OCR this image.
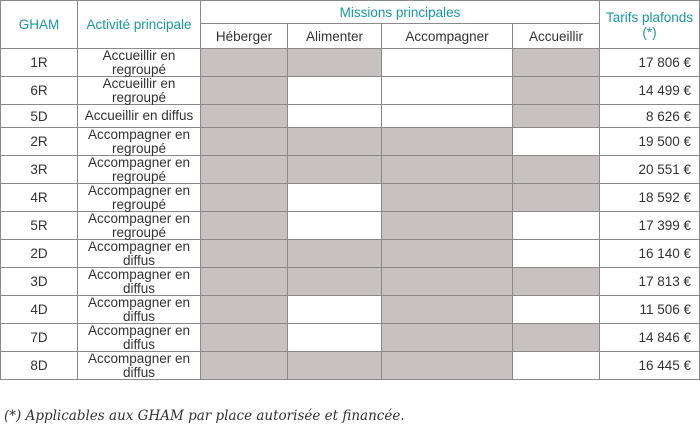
GHAM	Activité principale	Missions principales				Tarifs plafonds (*)
		Héberger	Alimenter	Accompagner	Accueillir	
1R	Accueillir en regroupé					17 806 €
6R	Accueillir en regroupé					14 499 €
5D	Accueillir en diffus					8 626 €
2R	Accompagner en regroupé					19 500 €
3R	Accompagner en regroupé					20 551 €
4R	Accompagner en regroupé					18 592 €
5R	Accompagner en regroupé					17 399 €
2D	Accompagner en diffus					16 140 €
3D	Accompagner en diffus					17 813 €
4D	Accompagner en diffus					11 506 €
7D	Accompagner en diffus					14 846 €
8D	Accompagner en diffus					16 445 €

(*) Applicables aux GHAM par place autorisée et financée.
